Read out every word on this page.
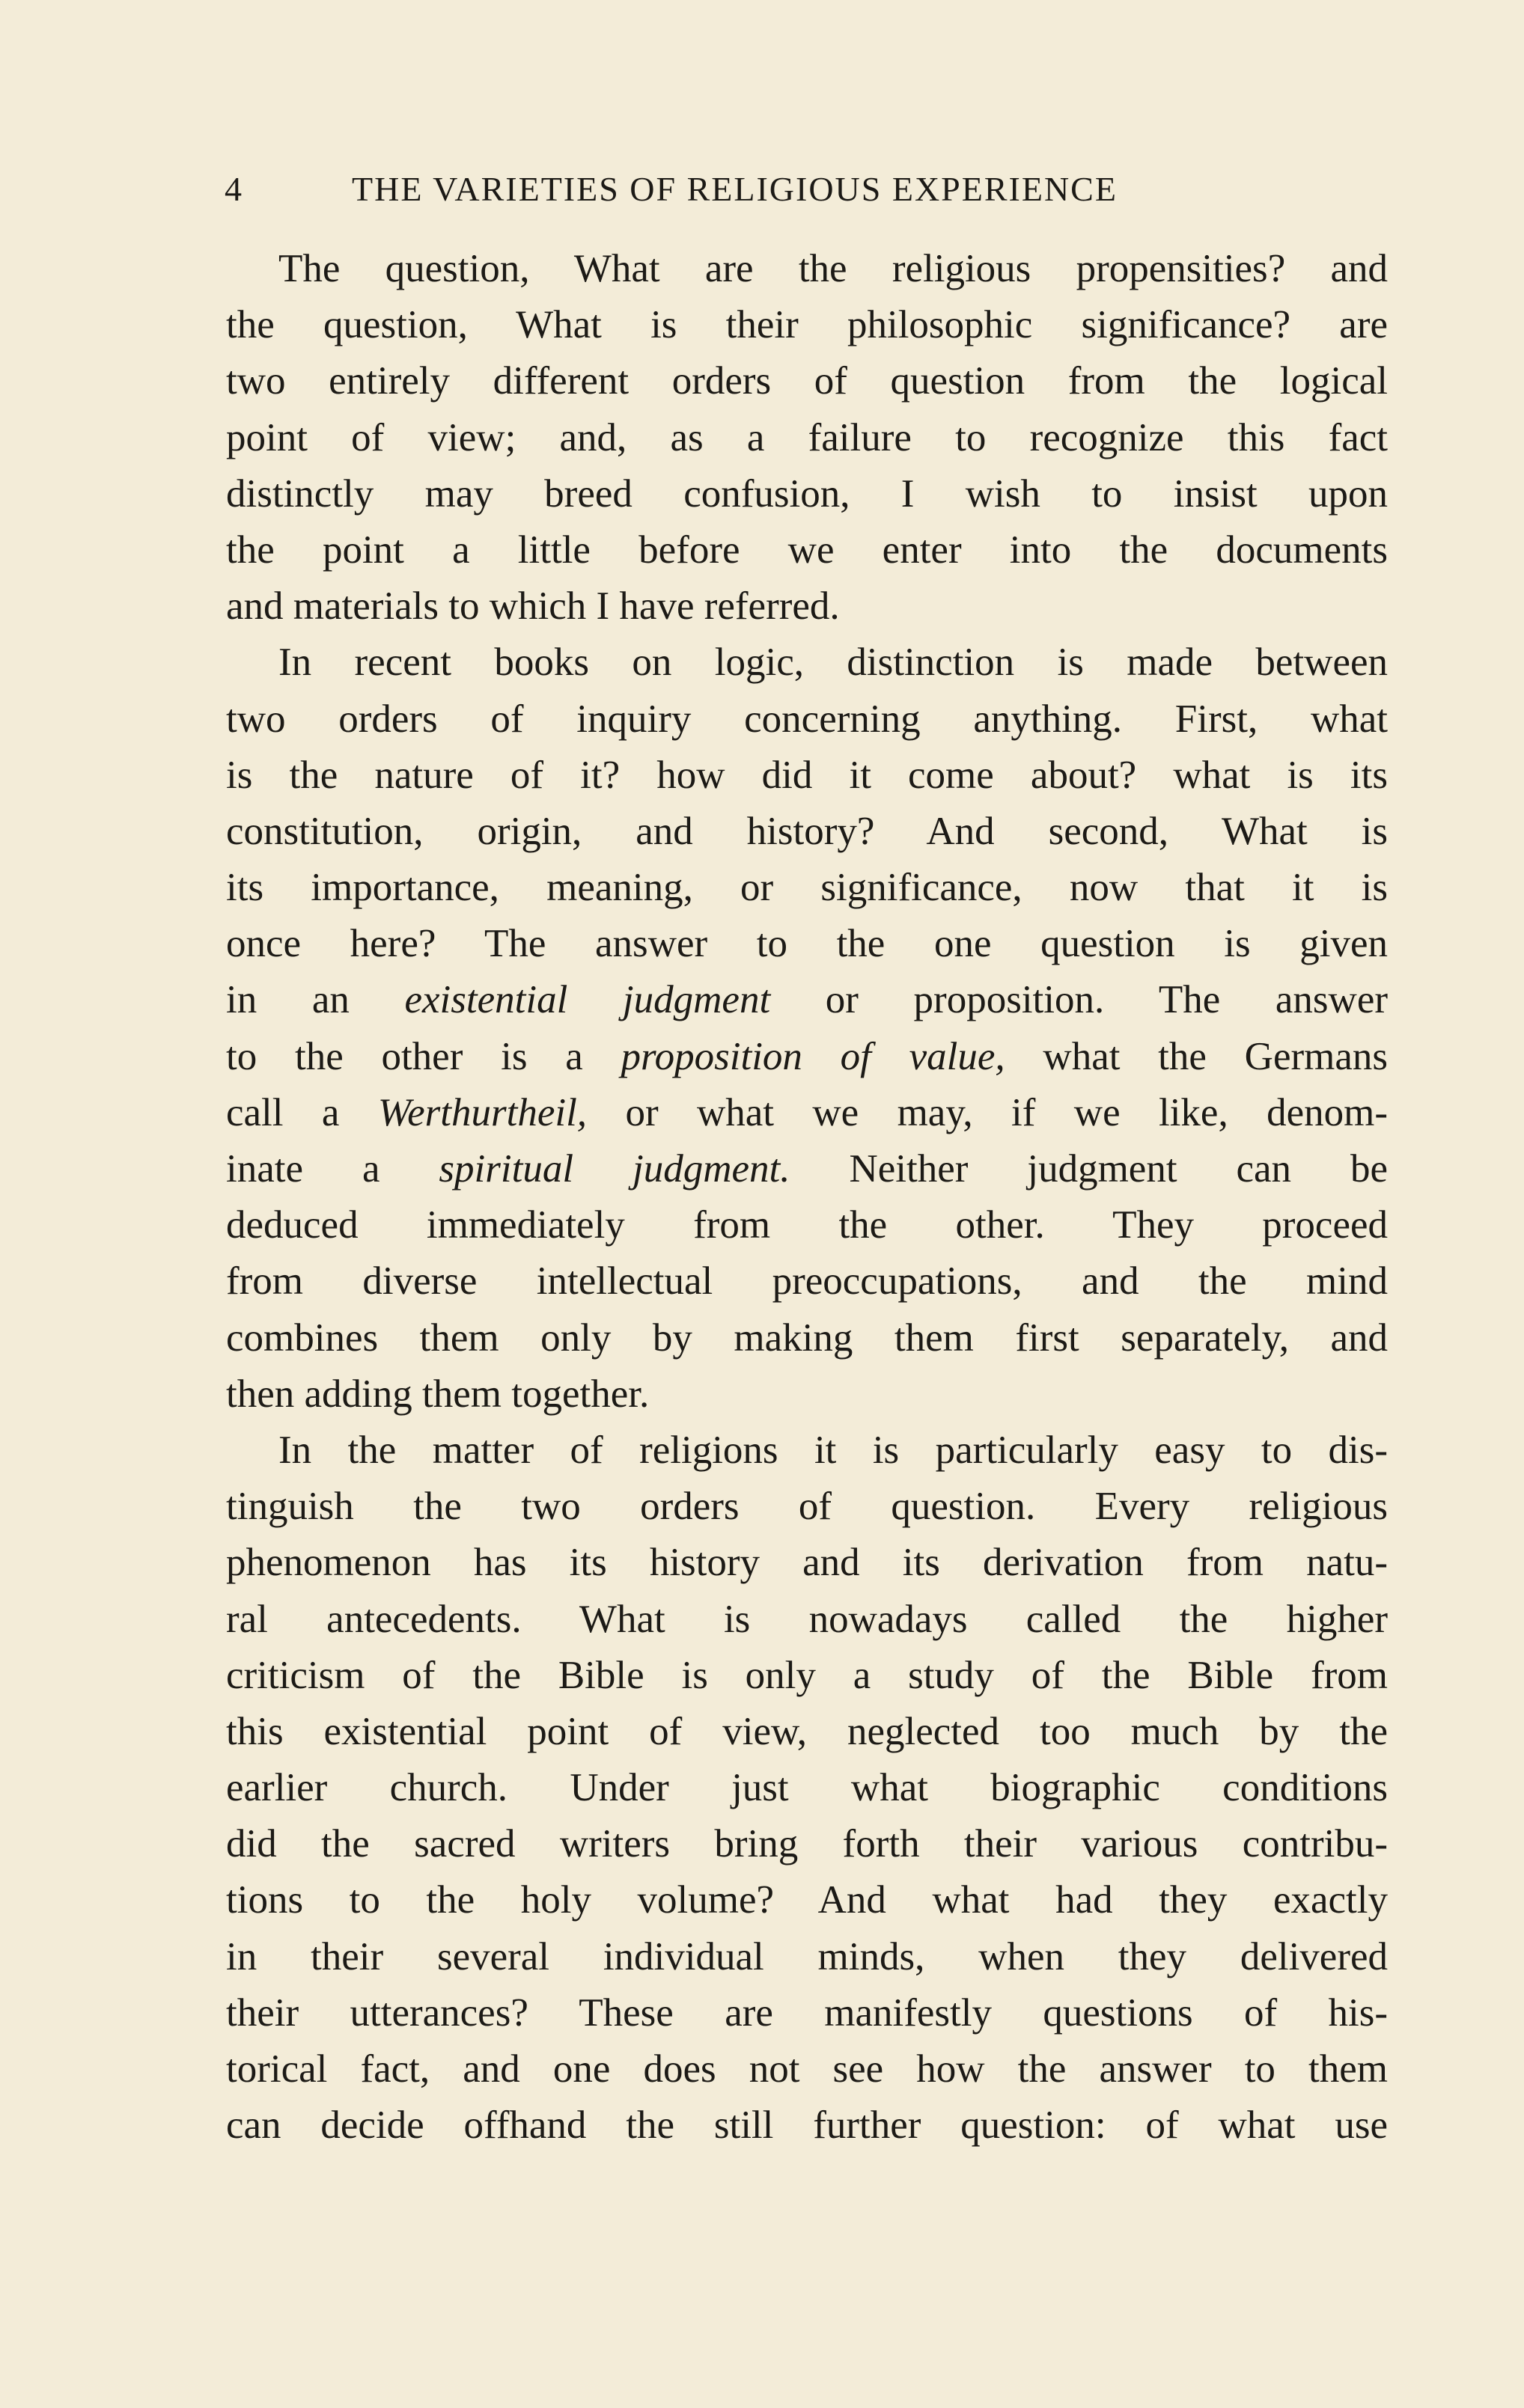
4	THE VARIETIES OF RELIGIOUS EXPERIENCE
The question, What are the religious propensities? and
the question, What is their philosophic significance? are
two entirely different orders of question from the logical
point of view; and, as a failure to recognize this fact
distinctly may breed confusion, I wish to insist upon
the point a little before we enter into the documents
and materials to which I have referred.
In recent books on logic, distinction is made between
two orders of inquiry concerning anything. First, what
is the nature of it? how did it come about? what is its
constitution, origin, and history? And second, What is
its importance, meaning, or significance, now that it is
once here? The answer to the one question is given
in an existential judgment or proposition. The answer
to the other is a proposition of value, what the Germans
call a Werthurtheil, or what we may, if we like, denom-
inate a spiritual judgment. Neither judgment can be
deduced immediately from the other. They proceed
from diverse intellectual preoccupations, and the mind
combines them only by making them first separately, and
then adding them together.
In the matter of religions it is particularly easy to dis-
tinguish the two orders of question. Every religious
phenomenon has its history and its derivation from natu-
ral antecedents. What is nowadays called the higher
criticism of the Bible is only a study of the Bible from
this existential point of view, neglected too much by the
earlier church. Under just what biographic conditions
did the sacred writers bring forth their various contribu-
tions to the holy volume? And what had they exactly
in their several individual minds, when they delivered
their utterances? These are manifestly questions of his-
torical fact, and one does not see how the answer to them
can decide offhand the still further question: of what use
